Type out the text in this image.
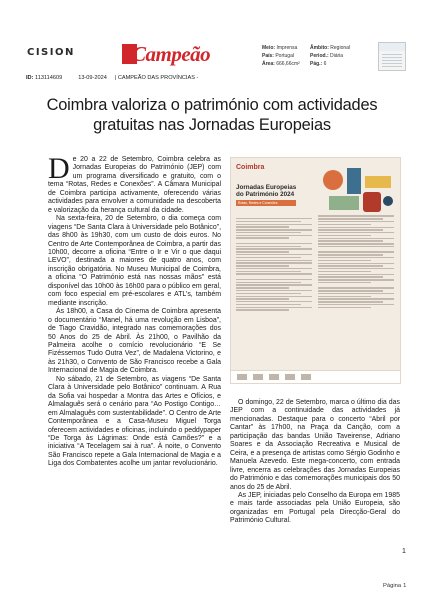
CISION	Campeão	Meio: Imprensa
País: Portugal
Área: 666,66cm²
Âmbito: Regional
Period.: Diária
Pág.: 6
ID: 113114609	13-09-2024 | CAMPEÃO DAS PROVÍNCIAS -
Coimbra valoriza o património com actividades
gratuitas nas Jornadas Europeias

De 20 a 22 de Setembro, Coimbra celebra as Jornadas Europeias do Património (JEP) com um programa diversificado e gratuito, com o tema “Rotas, Redes e Conexões”. A Câmara Municipal de Coimbra participa activamente, oferecendo várias actividades para envolver a comunidade na descoberta e valorização da herança cultural da cidade.

Na sexta-feira, 20 de Setembro, o dia começa com viagens “De Santa Clara à Universidade pelo Botânico”, das 8h00 às 19h30, com um custo de dois euros. No Centro de Arte Contemporânea de Coimbra, a partir das 10h00, decorre a oficina “Entre o Ir e Vir o que daqui LEVO”, destinada a maiores de quatro anos, com inscrição obrigatória. No Museu Municipal de Coimbra, a oficina “O Património está nas nossas mãos” está disponível das 10h00 às 16h00 para o público em geral, com foco especial em pré-escolares e ATL’s, também mediante inscrição.

Às 18h00, a Casa do Cinema de Coimbra apresenta o documentário “Manel, há uma revolução em Lisboa”, de Tiago Cravidão, integrado nas comemorações dos 50 Anos do 25 de Abril. Às 21h00, o Pavilhão da Palmeira acolhe o comício revolucionário “E Se Fizéssemos Tudo Outra Vez”, de Madalena Victorino, e às 21h30, o Convento de São Francisco recebe a Gala Internacional de Magia de Coimbra.

No sábado, 21 de Setembro, as viagens “De Santa Clara à Universidade pelo Botânico” continuam. A Rua da Sofia vai hospedar a Montra das Artes e Ofícios, e Almalaguês será o cenário para “Ao Postigo Contigo… em Almalaguês com sustentabilidade”. O Centro de Arte Contemporânea e a Casa-Museu Miguel Torga oferecem actividades e oficinas, incluindo o peddypaper “De Torga às Lágrimas: Onde está Camões?” e a iniciativa “A Tecelagem sai à rua”. À noite, o Convento São Francisco repete a Gala Internacional de Magia e a Liga dos Combatentes acolhe um jantar revolucionário.

Coimbra
Jornadas Europeias
do Património 2024
Rotas, Redes e Conexões

O domingo, 22 de Setembro, marca o último dia das JEP com a continuidade das actividades já mencionadas. Destaque para o concerto “Abril por Cantar” às 17h00, na Praça da Canção, com a participação das bandas União Taveirense, Adriano Soares e da Associação Recreativa e Musical de Ceira, e a presença de artistas como Sérgio Godinho e Manuela Azevedo. Este mega-concerto, com entrada livre, encerra as celebrações das Jornadas Europeias do Património e das comemorações municipais dos 50 anos do 25 de Abril.

As JEP, iniciadas pelo Conselho da Europa em 1985 e mais tarde associadas pela União Europeia, são organizadas em Portugal pela Direcção-Geral do Património Cultural.

1
Página 1
